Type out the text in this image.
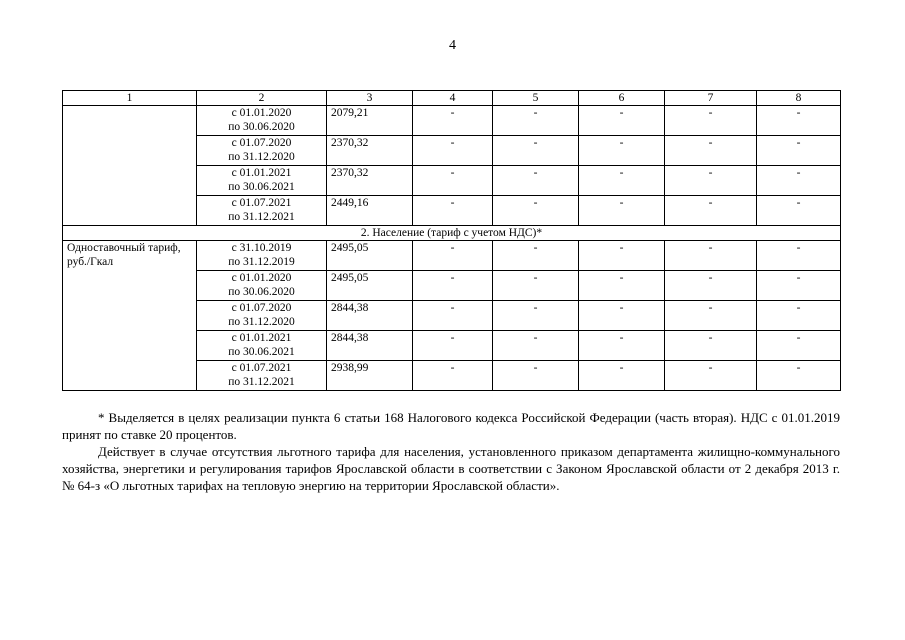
4
1	2	3	4	5	6	7	8

	с 01.01.2020
по 30.06.2020	2079,21	-	-	-	-	-

	с 01.07.2020
по 31.12.2020	2370,32	-	-	-	-	-

	с 01.01.2021
по 30.06.2021	2370,32	-	-	-	-	-

	с 01.07.2021
по 31.12.2021	2449,16	-	-	-	-	-
2. Население (тариф с учетом НДС)*							
Одноставочный тариф, руб./Гкал	с 31.10.2019
по 31.12.2019	2495,05	-	-	-	-	-

	с 01.01.2020
по 30.06.2020	2495,05	-	-	-	-	-

	с 01.07.2020
по 31.12.2020	2844,38	-	-	-	-	-

	с 01.01.2021
по 30.06.2021	2844,38	-	-	-	-	-

	с 01.07.2021
по 31.12.2021	2938,99	-	-	-	-	-

* Выделяется в целях реализации пункта 6 статьи 168 Налогового кодекса Российской Федерации (часть вторая). НДС с 01.01.2019 принят по ставке 20 процентов.

Действует в случае отсутствия льготного тарифа для населения, установленного приказом департамента жилищно-коммунального хозяйства, энергетики и регулирования тарифов Ярославской области в соответствии с Законом Ярославской области от 2 декабря 2013 г. № 64-з «О льготных тарифах на тепловую энергию на территории Ярославской области».
